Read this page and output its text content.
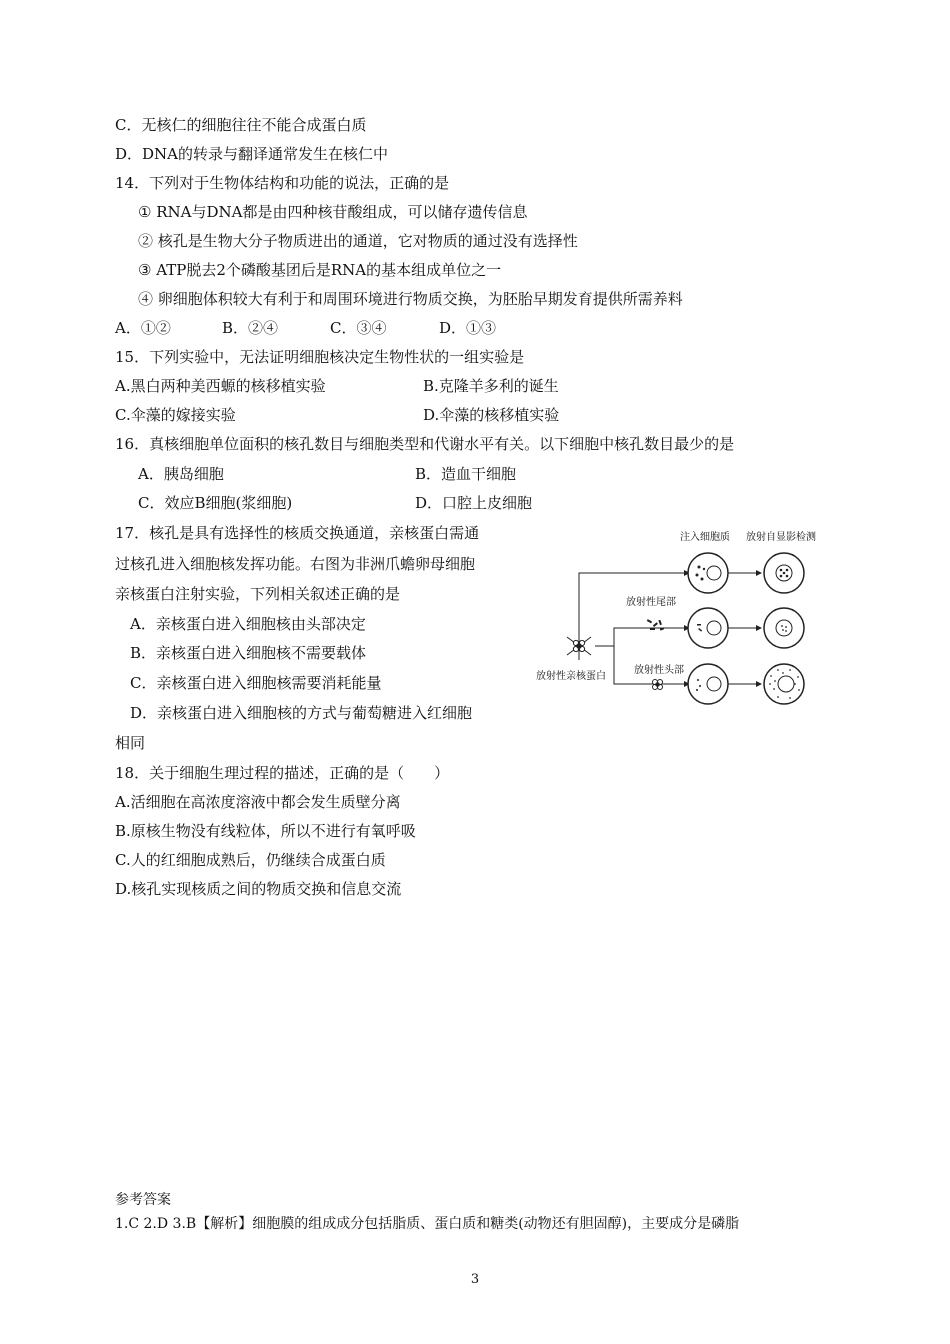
C．无核仁的细胞往往不能合成蛋白质
D．DNA的转录与翻译通常发生在核仁中
14．下列对于生物体结构和功能的说法，正确的是
① RNA与DNA都是由四种核苷酸组成，可以储存遗传信息
② 核孔是生物大分子物质进出的通道，它对物质的通过没有选择性
③ ATP脱去2个磷酸基团后是RNA的基本组成单位之一
④ 卵细胞体积较大有利于和周围环境进行物质交换，为胚胎早期发育提供所需养料
A．①②	B．②④	C．③④	D．①③
15．下列实验中，无法证明细胞核决定生物性状的一组实验是
A.黑白两种美西螈的核移植实验	B.克隆羊多利的诞生
C.伞藻的嫁接实验	D.伞藻的核移植实验
16．真核细胞单位面积的核孔数目与细胞类型和代谢水平有关。以下细胞中核孔数目最少的是
A．胰岛细胞	B．造血干细胞
C．效应B细胞(浆细胞)	D．口腔上皮细胞
17．核孔是具有选择性的核质交换通道，亲核蛋白需通
过核孔进入细胞核发挥功能。右图为非洲爪蟾卵母细胞
亲核蛋白注射实验，下列相关叙述正确的是
A．亲核蛋白进入细胞核由头部决定
B．亲核蛋白进入细胞核不需要载体
C．亲核蛋白进入细胞核需要消耗能量
D．亲核蛋白进入细胞核的方式与葡萄糖进入红细胞
相同
注入细胞质 放射自显影检测
放射性尾部
放射性头部
放射性亲核蛋白
18．关于细胞生理过程的描述，正确的是（　　）
A.活细胞在高浓度溶液中都会发生质壁分离
B.原核生物没有线粒体，所以不进行有氧呼吸
C.人的红细胞成熟后，仍继续合成蛋白质
D.核孔实现核质之间的物质交换和信息交流
参考答案
1.C 2.D 3.B【解析】细胞膜的组成成分包括脂质、蛋白质和糖类(动物还有胆固醇)，主要成分是磷脂
3
